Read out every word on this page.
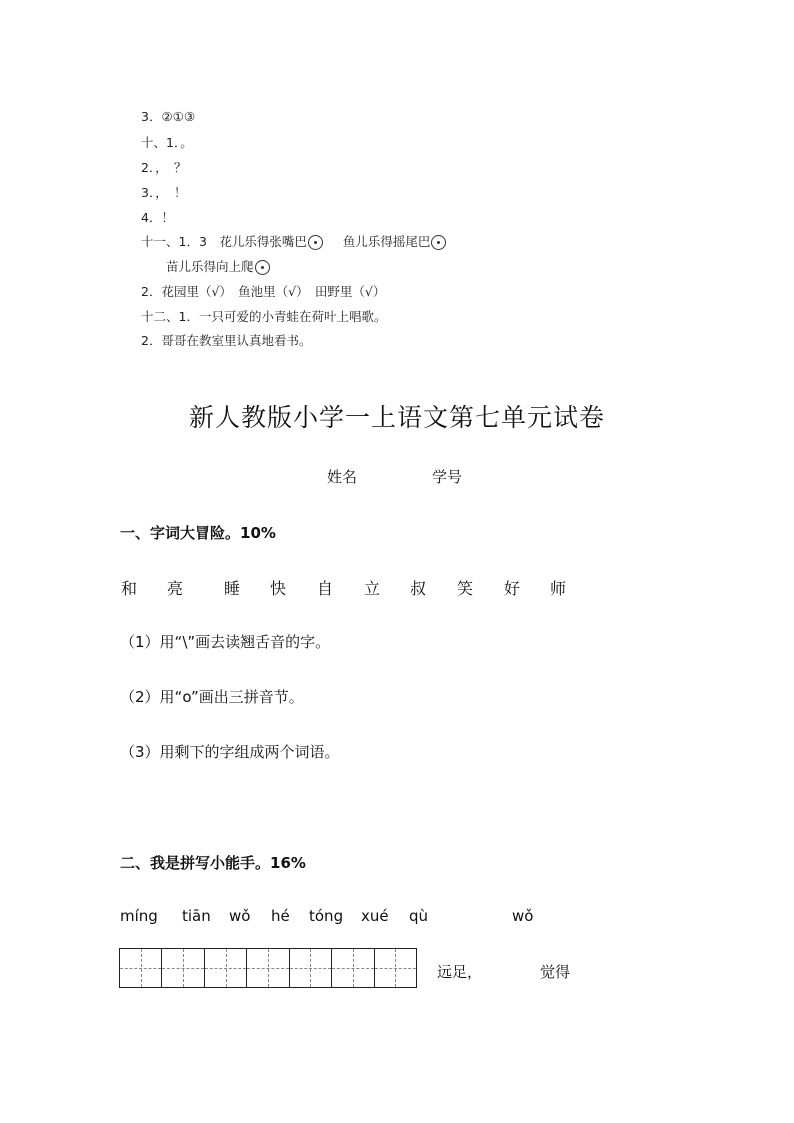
3．②①③
十、1．。
2．，　？
3．，　！
4．！
十一、1．3　花儿乐得张嘴巴	鱼儿乐得摇尾巴
苗儿乐得向上爬
2．花园里（√）　鱼池里（√）　田野里（√）
十二、1．一只可爱的小青蛙在荷叶上唱歌。
2．哥哥在教室里认真地看书。
新人教版小学一上语文第七单元试卷
姓名	学号
一、字词大冒险。10%
和 亮	睡 快 自 立 叔 笑 好 师
（1）用“\”画去读翘舌音的字。
（2）用“o”画出三拼音节。
（3）用剩下的字组成两个词语。
二、我是拼写小能手。16%
míng tiān wǒ hé tóng xué qù	wǒ
远足，	觉得
